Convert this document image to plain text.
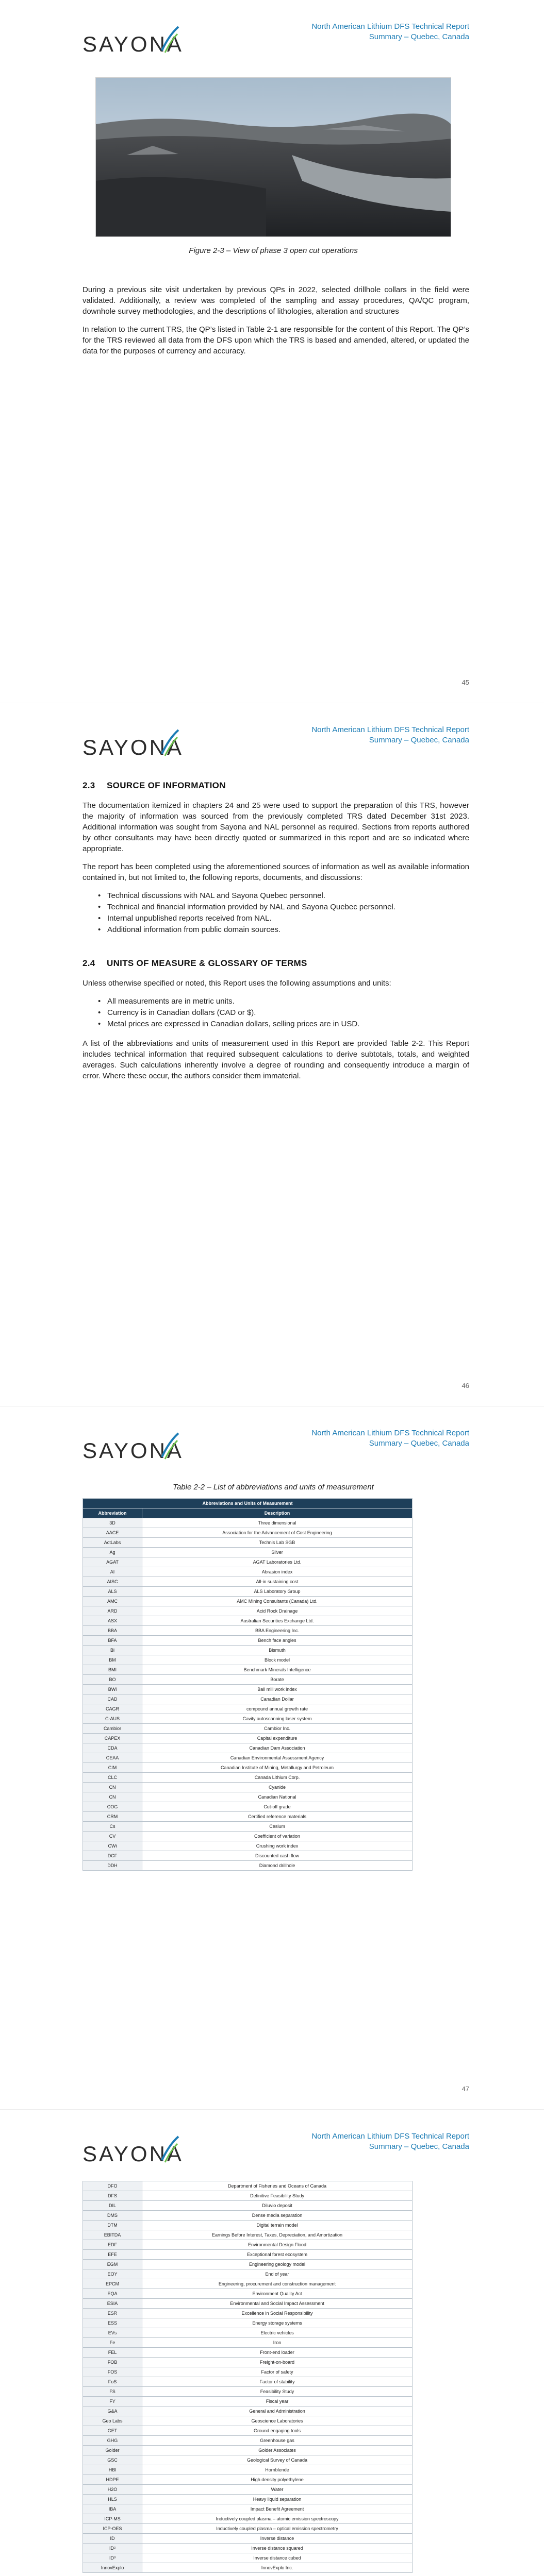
SAYONA
North American Lithium DFS Technical Report
Summary – Quebec, Canada
Figure 2-3 – View of phase 3 open cut operations

During a previous site visit undertaken by previous QPs in 2022, selected drillhole collars in the field were validated. Additionally, a review was completed of the sampling and assay procedures, QA/QC program, downhole survey methodologies, and the descriptions of lithologies, alteration and structures

In relation to the current TRS, the QP’s listed in Table 2-1 are responsible for the content of this Report. The QP’s for the TRS reviewed all data from the DFS upon which the TRS is based and amended, altered, or updated the data for the purposes of currency and accuracy.

45
SAYONA
North American Lithium DFS Technical Report
Summary – Quebec, Canada
2.3 SOURCE OF INFORMATION

The documentation itemized in chapters 24 and 25 were used to support the preparation of this TRS, however the majority of information was sourced from the previously completed TRS dated December 31st 2023. Additional information was sought from Sayona and NAL personnel as required. Sections from reports authored by other consultants may have been directly quoted or summarized in this report and are so indicated where appropriate.

The report has been completed using the aforementioned sources of information as well as available information contained in, but not limited to, the following reports, documents, and discussions:

• Technical discussions with NAL and Sayona Quebec personnel.
• Technical and financial information provided by NAL and Sayona Quebec personnel.
• Internal unpublished reports received from NAL.
• Additional information from public domain sources.
2.4 UNITS OF MEASURE & GLOSSARY OF TERMS

Unless otherwise specified or noted, this Report uses the following assumptions and units:

• All measurements are in metric units.
• Currency is in Canadian dollars (CAD or $).
• Metal prices are expressed in Canadian dollars, selling prices are in USD.

A list of the abbreviations and units of measurement used in this Report are provided Table 2-2. This Report includes technical information that required subsequent calculations to derive subtotals, totals, and weighted averages. Such calculations inherently involve a degree of rounding and consequently introduce a margin of error. Where these occur, the authors consider them immaterial.

46
SAYONA
North American Lithium DFS Technical Report
Summary – Quebec, Canada
Table 2-2 – List of abbreviations and units of measurement
Abbreviations and Units of Measurement	
Abbreviation	Description
3D	Three dimensional
AACE	Association for the Advancement of Cost Engineering
ActLabs	Technis Lab SGB
Ag	Silver
AGAT	AGAT Laboratories Ltd.
AI	Abrasion index
AISC	All-in sustaining cost
ALS	ALS Laboratory Group
AMC	AMC Mining Consultants (Canada) Ltd.
ARD	Acid Rock Drainage
ASX	Australian Securities Exchange Ltd.
BBA	BBA Engineering Inc.
BFA	Bench face angles
Bi	Bismuth
BM	Block model
BMI	Benchmark Minerals Intelligence
BO	Borate
BWi	Ball mill work index
CAD	Canadian Dollar
CAGR	compound annual growth rate
C-AUS	Cavity autoscanning laser system
Cambior	Cambior Inc.
CAPEX	Capital expenditure
CDA	Canadian Dam Association
CEAA	Canadian Environmental Assessment Agency
CIM	Canadian Institute of Mining, Metallurgy and Petroleum
CLC	Canada Lithium Corp.
CN	Cyanide
CN	Canadian National
COG	Cut-off grade
CRM	Certified reference materials
Cs	Cesium
CV	Coefficient of variation
CWi	Crushing work index
DCF	Discounted cash flow
DDH	Diamond drillhole
47
SAYONA
North American Lithium DFS Technical Report
Summary – Quebec, Canada
DFO	Department of Fisheries and Oceans of Canada
DFS	Definitive Feasibility Study
DIL	Diluvio deposit
DMS	Dense media separation
DTM	Digital terrain model
EBITDA	Earnings Before Interest, Taxes, Depreciation, and Amortization
EDF	Environmental Design Flood
EFE	Exceptional forest ecosystem
EGM	Engineering geology model
EOY	End of year
EPCM	Engineering, procurement and construction management
EQA	Environment Quality Act
ESIA	Environmental and Social Impact Assessment
ESR	Excellence in Social Responsibility
ESS	Energy storage systems
EVs	Electric vehicles
Fe	Iron
FEL	Front-end loader
FOB	Freight-on-board
FOS	Factor of safety
FoS	Factor of stability
FS	Feasibility Study
FY	Fiscal year
G&A	General and Administration
Geo Labs	Geoscience Laboratories
GET	Ground engaging tools
GHG	Greenhouse gas
Golder	Golder Associates
GSC	Geological Survey of Canada
HBl	Hornblende
HDPE	High density polyethylene
H2O	Water
HLS	Heavy liquid separation
IBA	Impact Benefit Agreement
ICP-MS	Inductively coupled plasma – atomic emission spectroscopy
ICP-OES	Inductively coupled plasma – optical emission spectrometry
ID	Inverse distance
ID²	Inverse distance squared
ID³	Inverse distance cubed
InnovExplo	InnovExplo Inc.
